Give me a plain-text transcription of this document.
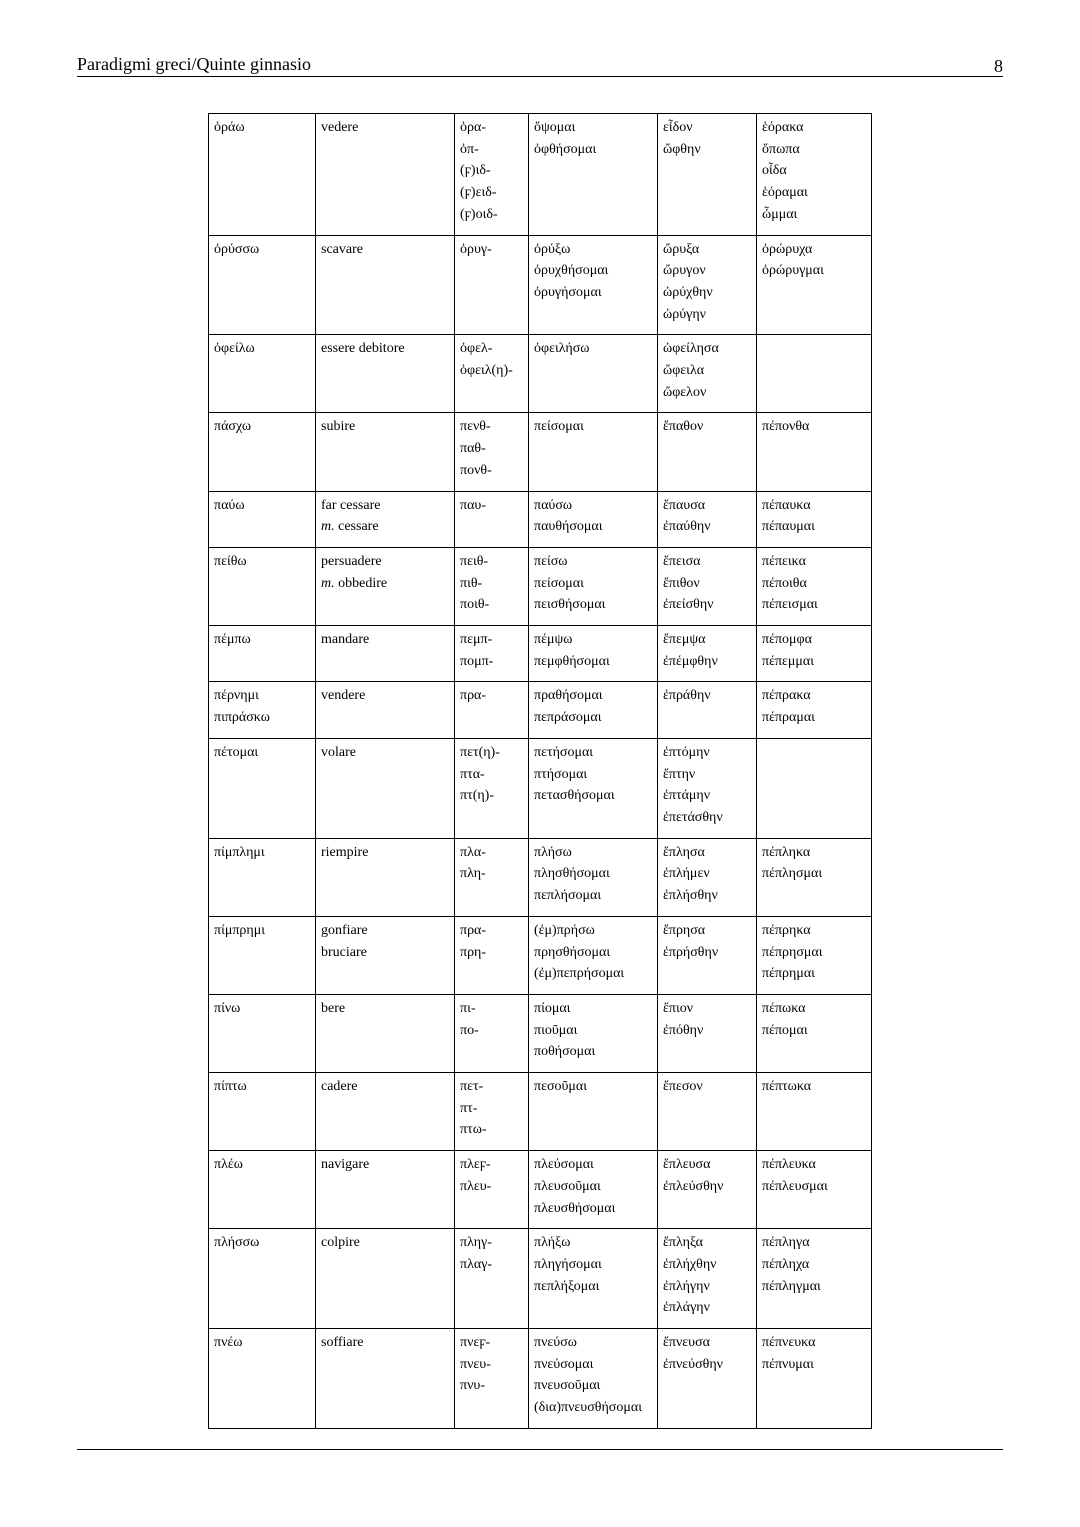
Paradigmi greci/Quinte ginnasio	8
ὁράω	vedere	ὁρα-
ὀπ-
(ϝ)ιδ-
(ϝ)ειδ-
(ϝ)οιδ-	ὄψομαι
ὀφθήσομαι	εἶδον
ὤφθην	ἑόρακα
ὄπωπα
οἶδα
ἑόραμαι
ὦμμαι

ὀρύσσω	scavare	ὀρυγ-	ὀρύξω
ὀρυχθήσομαι
ὀρυγήσομαι	ὤρυξα
ὤρυγον
ὠρύχθην
ὠρύγην	ὀρώρυχα
ὀρώρυγμαι

ὀφείλω	essere debitore	ὀφελ-
ὀφειλ(η)-	ὀφειλήσω	ὠφείλησα
ὤφειλα
ὤφελον	

πάσχω	subire	πενθ-
παθ-
πονθ-	πείσομαι	ἔπαθον	πέπονθα

παύω	far cessare
m. cessare	παυ-	παύσω
παυθήσομαι	ἔπαυσα
ἐπαύθην	πέπαυκα
πέπαυμαι

πείθω	persuadere
m. obbedire	πειθ-
πιθ-
ποιθ-	πείσω
πείσομαι
πεισθήσομαι	ἔπεισα
ἔπιθον
ἐπείσθην	πέπεικα
πέποιθα
πέπεισμαι

πέμπω	mandare	πεμπ-
πομπ-	πέμψω
πεμφθήσομαι	ἔπεμψα
ἐπέμφθην	πέπομφα
πέπεμμαι

πέρνημι
πιπράσκω	vendere	πρα-	πραθήσομαι
πεπράσομαι	ἐπράθην	πέπρακα
πέπραμαι

πέτομαι	volare	πετ(η)-
πτα-
πτ(η)-	πετήσομαι
πτήσομαι
πετασθήσομαι	ἐπτόμην
ἔπτην
ἐπτάμην
ἐπετάσθην	

πίμπλημι	riempire	πλα-
πλη-	πλήσω
πλησθήσομαι
πεπλήσομαι	ἔπλησα
ἐπλήμεν
ἐπλήσθην	πέπληκα
πέπλησμαι

πίμπρημι	gonfiare
bruciare	πρα-
πρη-	(ἐμ)πρήσω
πρησθήσομαι
(ἐμ)πεπρήσομαι	ἔπρησα
ἐπρήσθην	πέπρηκα
πέπρησμαι
πέπρημαι

πίνω	bere	πι-
πο-	πίομαι
πιοῦμαι
ποθήσομαι	ἔπιον
ἐπόθην	πέπωκα
πέπομαι

πίπτω	cadere	πετ-
πτ-
πτω-	πεσοῦμαι	ἔπεσον	πέπτωκα

πλέω	navigare	πλεϝ-
πλευ-	πλεύσομαι
πλευσοῦμαι
πλευσθήσομαι	ἔπλευσα
ἐπλεύσθην	πέπλευκα
πέπλευσμαι

πλήσσω	colpire	πληγ-
πλαγ-	πλήξω
πληγήσομαι
πεπλήξομαι	ἔπληξα
ἐπλήχθην
ἐπλήγην
ἐπλάγην	πέπληγα
πέπληχα
πέπληγμαι

πνέω	soffiare	πνεϝ-
πνευ-
πνυ-	πνεύσω
πνεύσομαι
πνευσοῦμαι
(δια)πνευσθήσομαι	ἔπνευσα
ἐπνεύσθην	πέπνευκα
πέπνυμαι
